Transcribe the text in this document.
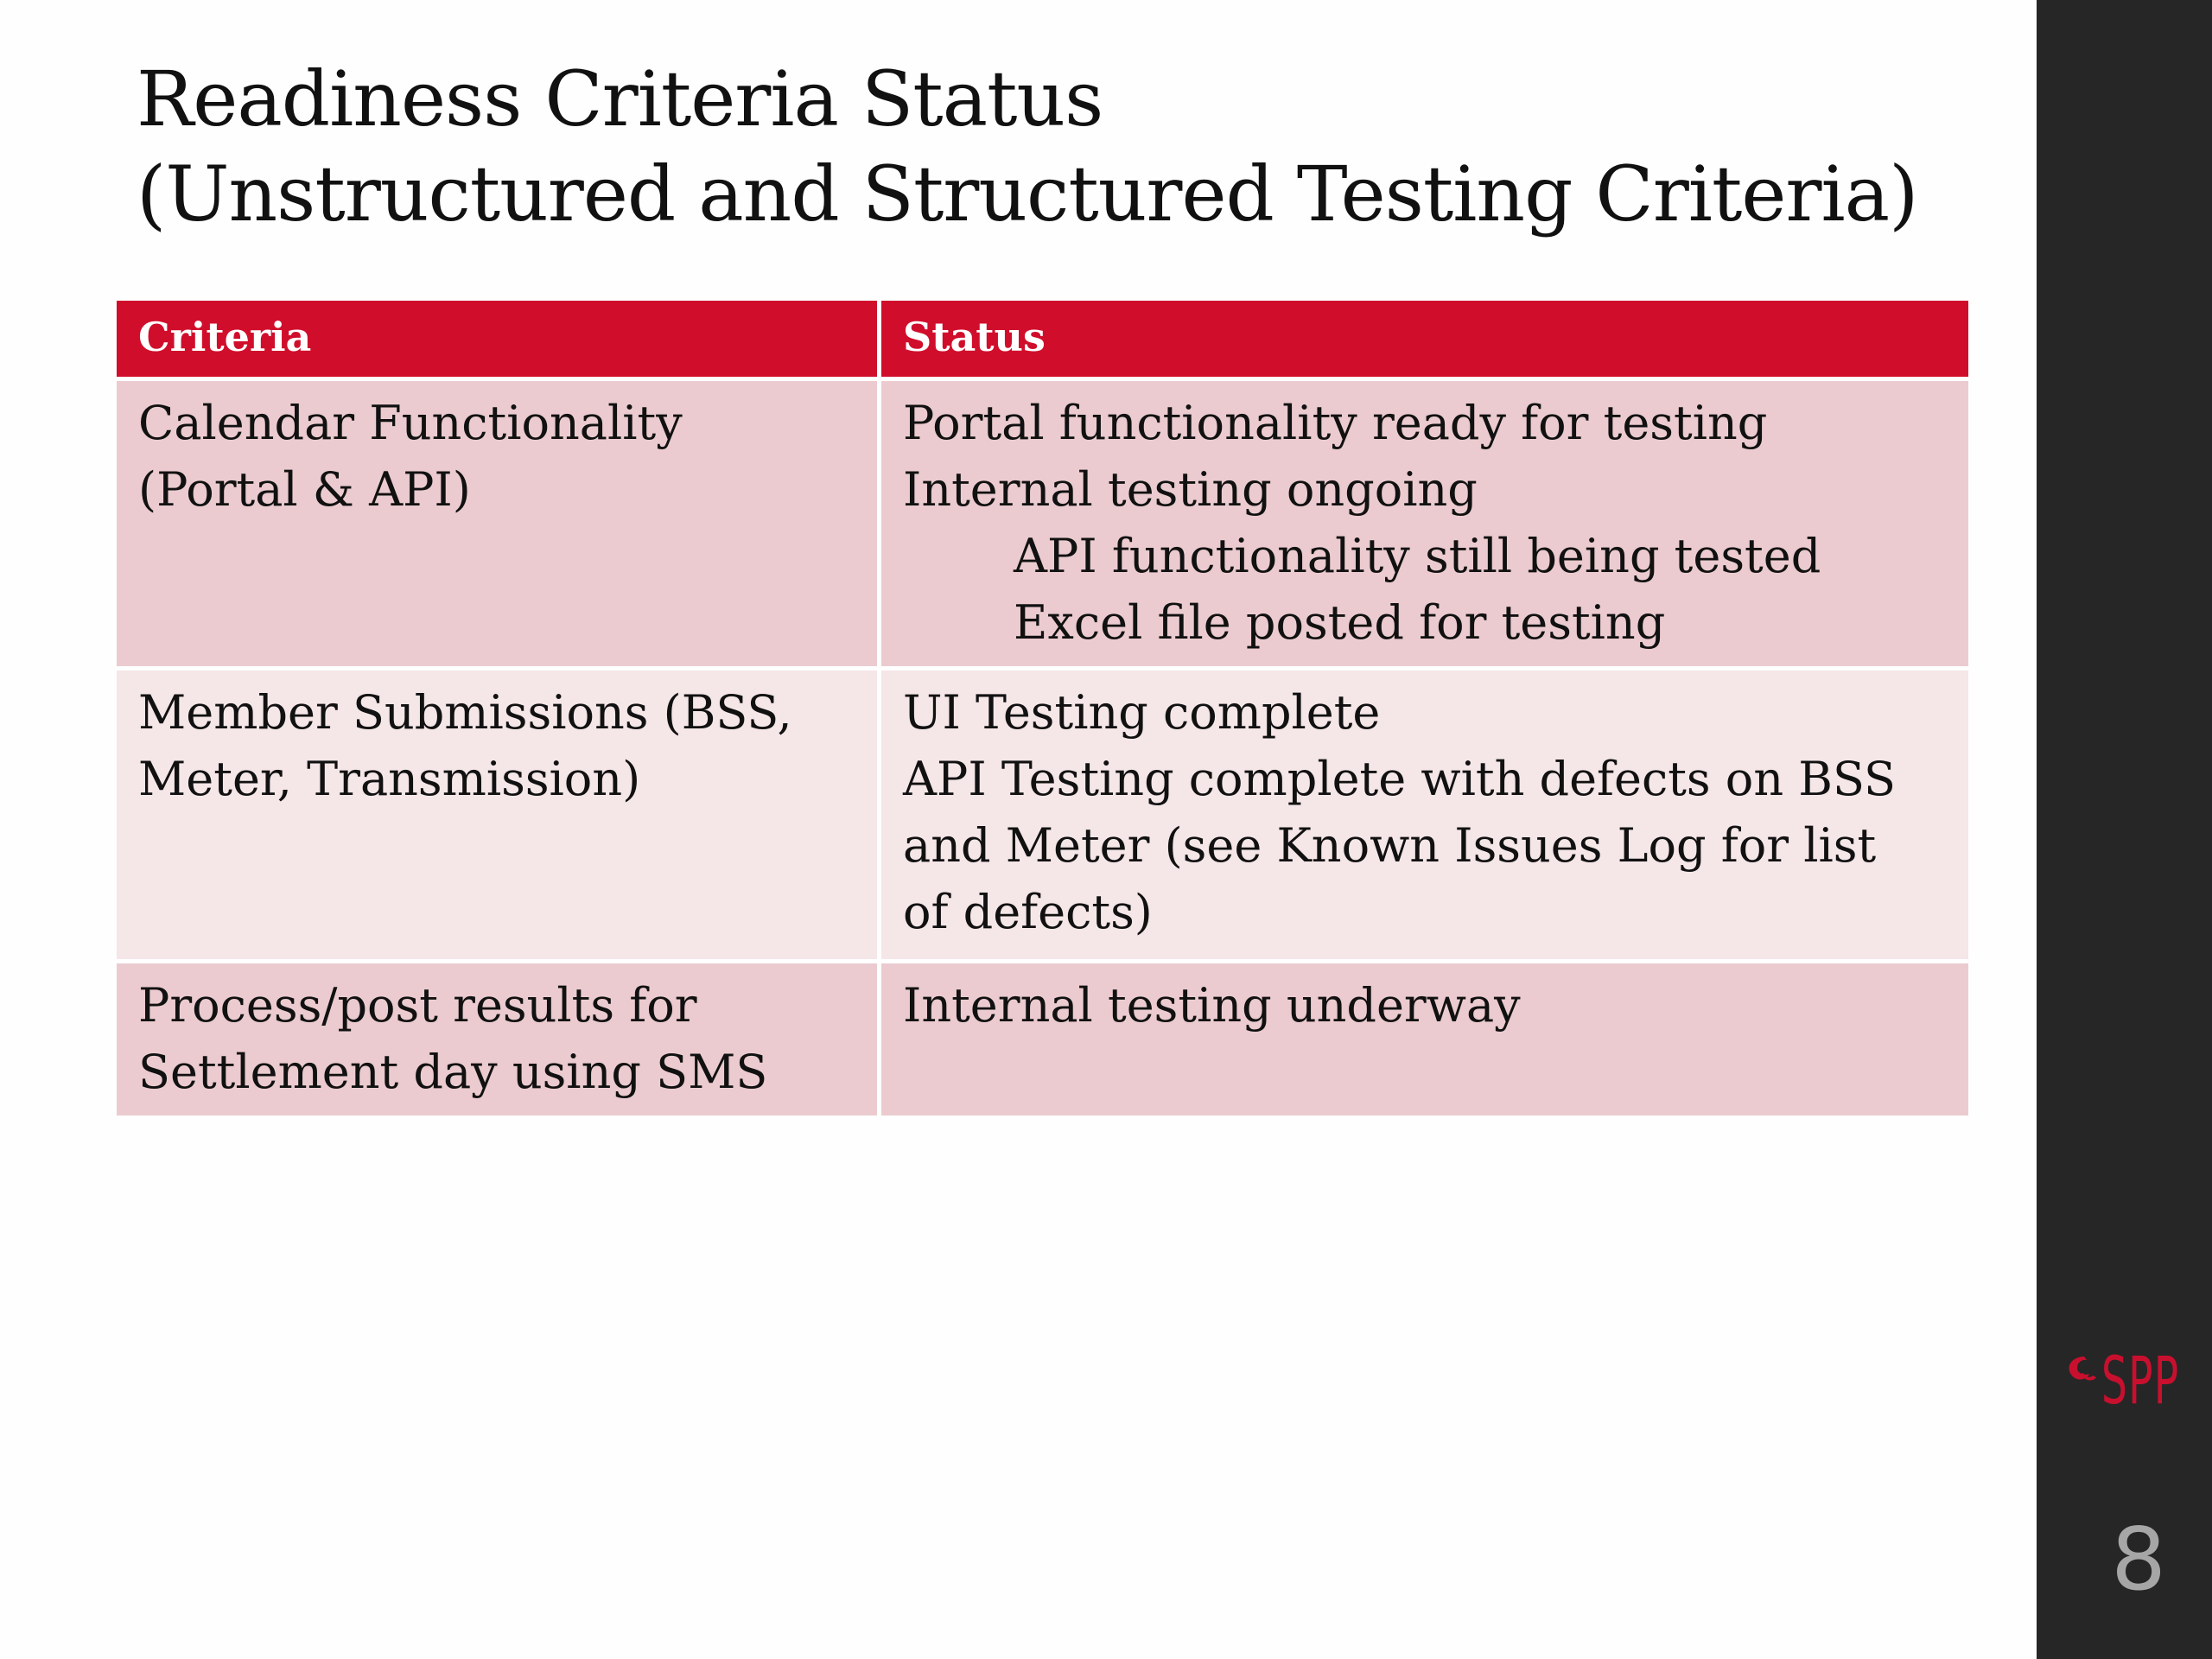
Readiness Criteria Status
(Unstructured and Structured Testing Criteria)
Criteria	Status
Calendar Functionality
(Portal & API)
Portal functionality ready for testing
Internal testing ongoing
API functionality still being tested
Excel file posted for testing
Member Submissions (BSS,
Meter, Transmission)
UI Testing complete
API Testing complete with defects on BSS
and Meter (see Known Issues Log for list
of defects)
Process/post results for
Settlement day using SMS
Internal testing underway
SPP
8
